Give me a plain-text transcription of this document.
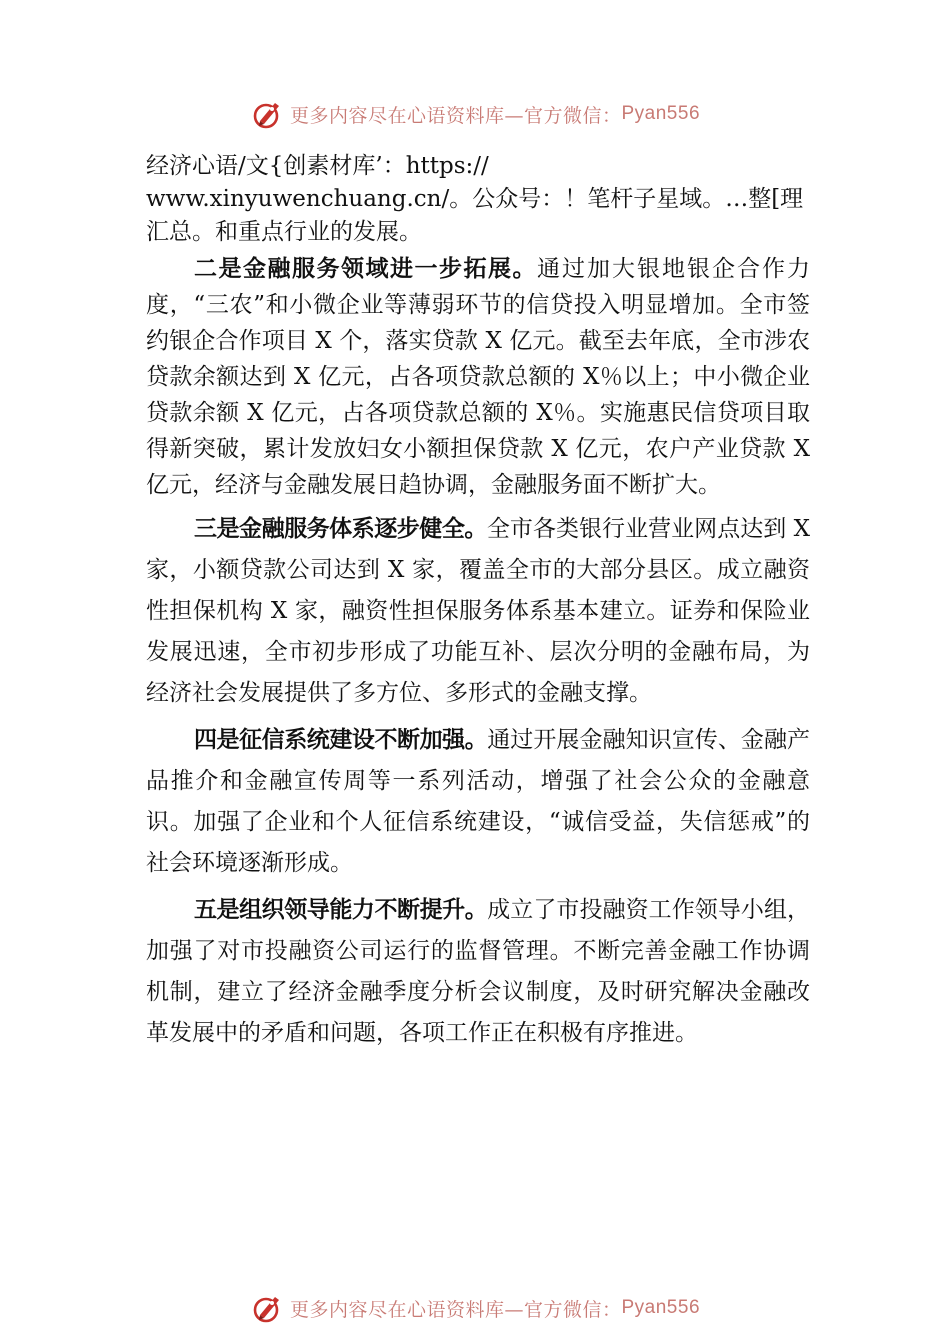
更多内容尽在心语资料库—官方微信： Pyan556
经济心语/文{创素材库’：https://
www.xinyuwenchuang.cn/。公众号：！笔杆子星域。…整[理
汇总。和重点行业的发展。

二是金融服务领域进一步拓展。通过加大银地银企合作力度，“三农”和小微企业等薄弱环节的信贷投入明显增加。全市签约银企合作项目 X 个，落实贷款 X 亿元。截至去年底，全市涉农贷款余额达到 X 亿元，占各项贷款总额的 X％以上；中小微企业贷款余额 X 亿元，占各项贷款总额的 X％。实施惠民信贷项目取得新突破，累计发放妇女小额担保贷款 X 亿元，农户产业贷款 X 亿元，经济与金融发展日趋协调，金融服务面不断扩大。

三是金融服务体系逐步健全。全市各类银行业营业网点达到 X 家，小额贷款公司达到 X 家，覆盖全市的大部分县区。成立融资性担保机构 X 家，融资性担保服务体系基本建立。证券和保险业发展迅速，全市初步形成了功能互补、层次分明的金融布局，为经济社会发展提供了多方位、多形式的金融支撑。

四是征信系统建设不断加强。通过开展金融知识宣传、金融产品推介和金融宣传周等一系列活动，增强了社会公众的金融意识。加强了企业和个人征信系统建设，“诚信受益，失信惩戒”的社会环境逐渐形成。

五是组织领导能力不断提升。成立了市投融资工作领导小组，加强了对市投融资公司运行的监督管理。不断完善金融工作协调机制，建立了经济金融季度分析会议制度，及时研究解决金融改革发展中的矛盾和问题，各项工作正在积极有序推进。

更多内容尽在心语资料库—官方微信： Pyan556
